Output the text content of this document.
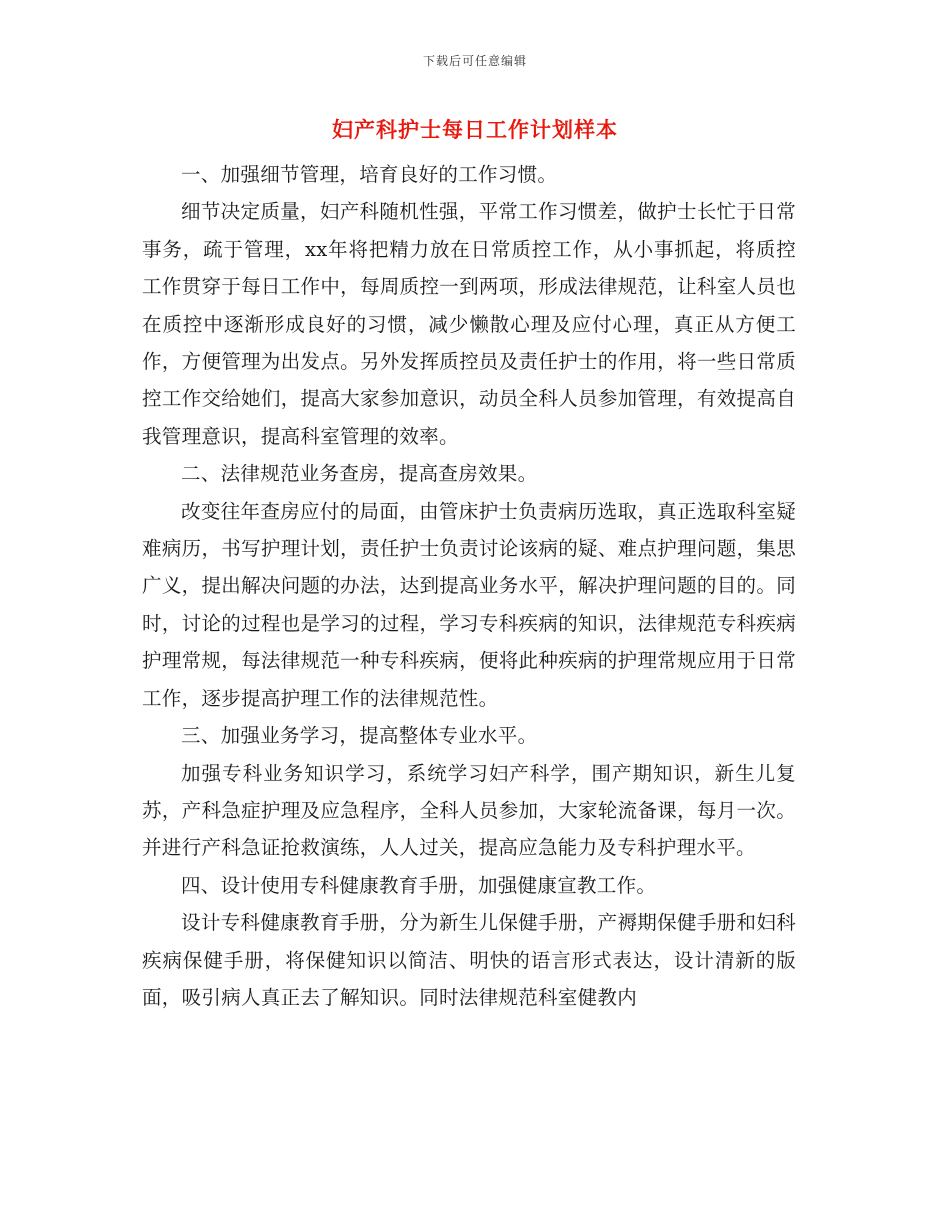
下载后可任意编辑
妇产科护士每日工作计划样本

一、加强细节管理，培育良好的工作习惯。

细节决定质量，妇产科随机性强，平常工作习惯差，做护士长忙于日常事务，疏于管理，xx年将把精力放在日常质控工作，从小事抓起，将质控工作贯穿于每日工作中，每周质控一到两项，形成法律规范，让科室人员也在质控中逐渐形成良好的习惯，减少懒散心理及应付心理，真正从方便工作，方便管理为出发点。另外发挥质控员及责任护士的作用，将一些日常质控工作交给她们，提高大家参加意识，动员全科人员参加管理，有效提高自我管理意识，提高科室管理的效率。

二、法律规范业务查房，提高查房效果。

改变往年查房应付的局面，由管床护士负责病历选取，真正选取科室疑难病历，书写护理计划，责任护士负责讨论该病的疑、难点护理问题，集思广义，提出解决问题的办法，达到提高业务水平，解决护理问题的目的。同时，讨论的过程也是学习的过程，学习专科疾病的知识，法律规范专科疾病护理常规，每法律规范一种专科疾病，便将此种疾病的护理常规应用于日常工作，逐步提高护理工作的法律规范性。

三、加强业务学习，提高整体专业水平。

加强专科业务知识学习，系统学习妇产科学，围产期知识，新生儿复苏，产科急症护理及应急程序，全科人员参加，大家轮流备课，每月一次。并进行产科急证抢救演练，人人过关，提高应急能力及专科护理水平。

四、设计使用专科健康教育手册，加强健康宣教工作。

设计专科健康教育手册，分为新生儿保健手册，产褥期保健手册和妇科疾病保健手册，将保健知识以简洁、明快的语言形式表达，设计清新的版面，吸引病人真正去了解知识。同时法律规范科室健教内
